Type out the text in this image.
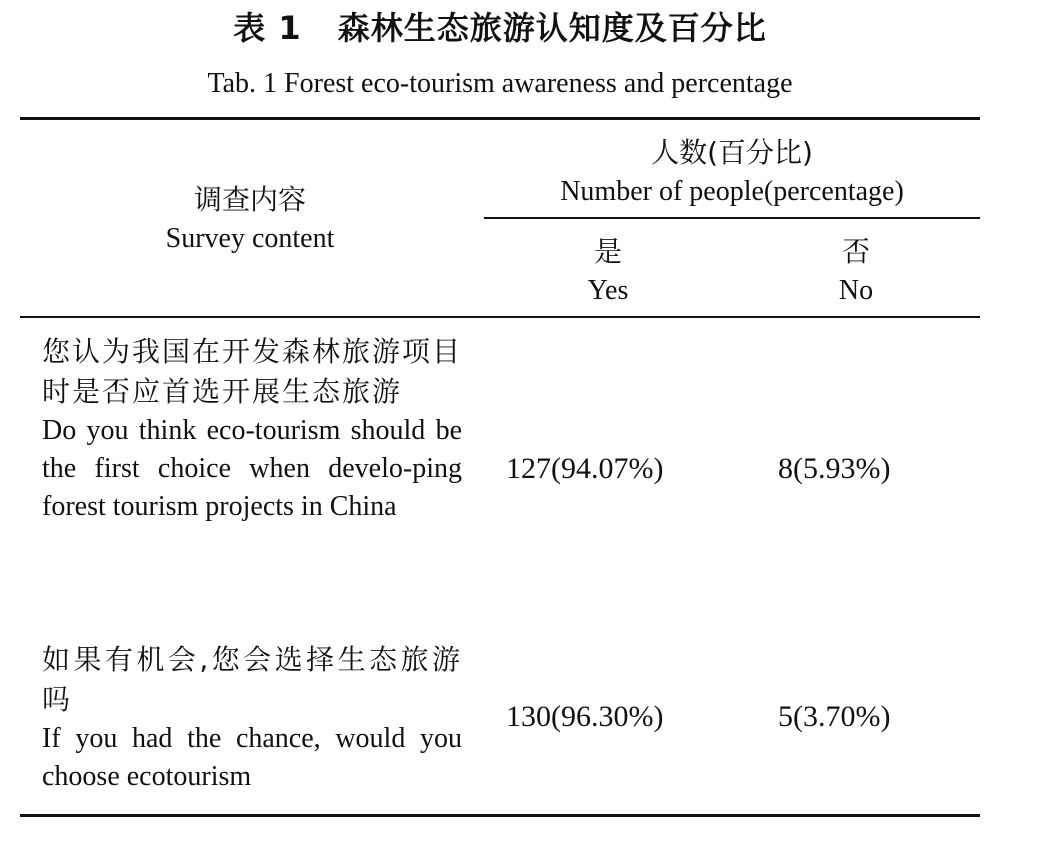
表 1 森林生态旅游认知度及百分比
Tab. 1 Forest eco-tourism awareness and percentage
调查内容
Survey content
人数(百分比)
Number of people(percentage)
是
Yes
否
No
您认为我国在开发森林旅游项目时是否应首选开展生态旅游
Do you think eco-tourism should be the first choice when develo-ping forest tourism projects in China
127(94.07%)	8(5.93%)
如果有机会,您会选择生态旅游吗
If you had the chance, would you choose ecotourism
130(96.30%)	5(3.70%)
